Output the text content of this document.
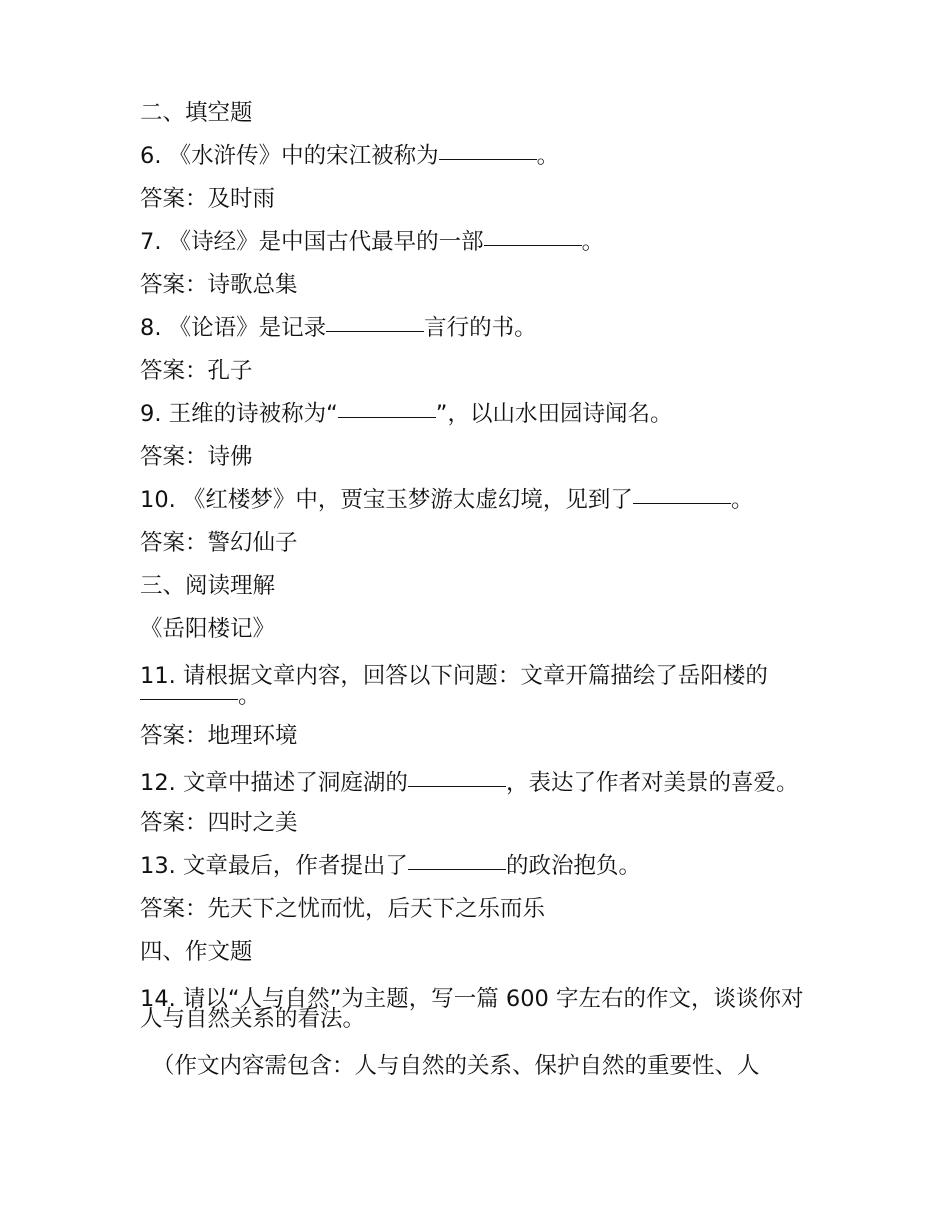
二、填空题

6. 《水浒传》中的宋江被称为	。

答案：及时雨

7. 《诗经》是中国古代最早的一部	。

答案：诗歌总集

8. 《论语》是记录	言行的书。

答案：孔子

9. 王维的诗被称为“	”，以山水田园诗闻名。

答案：诗佛

10. 《红楼梦》中，贾宝玉梦游太虚幻境，见到了	。

答案：警幻仙子

三、阅读理解

《岳阳楼记》

11. 请根据文章内容，回答以下问题：文章开篇描绘了岳阳楼的。

答案：地理环境

12. 文章中描述了洞庭湖的	，表达了作者对美景的喜爱。

答案：四时之美

13. 文章最后，作者提出了	的政治抱负。

答案：先天下之忧而忧，后天下之乐而乐

四、作文题

14. 请以“人与自然”为主题，写一篇 600 字左右的作文，谈谈你对人与自然关系的看法。

（作文内容需包含：人与自然的关系、保护自然的重要性、人
